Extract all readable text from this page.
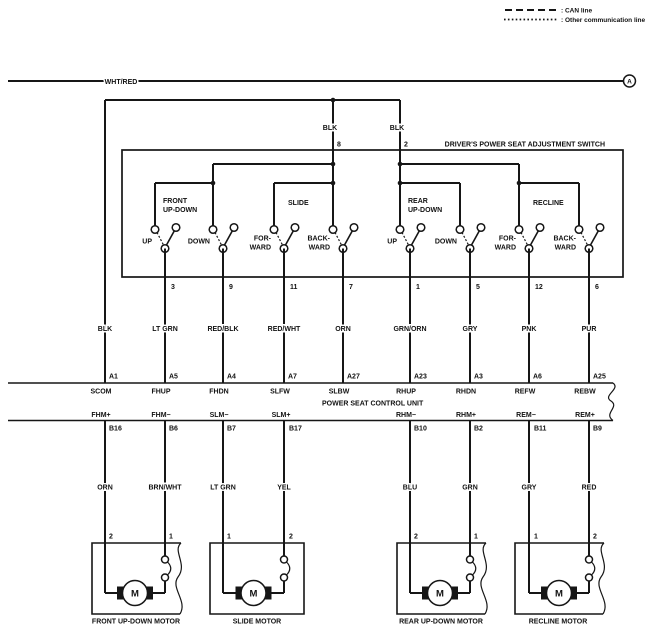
: CAN line
: Other communication line
WHT/RED	A
BLK	BLK
8	2	DRIVER'S POWER SEAT ADJUSTMENT SWITCH
FRONT
UP-DOWN
SLIDE	REAR
UP-DOWN
RECLINE
UP	DOWN	FOR-
WARD
BACK-
WARD
UP	DOWN	FOR-
WARD
BACK-
WARD
3	9	11	7	1	5	12	6
BLK	LT GRN	RED/BLK	RED/WHT	ORN	GRN/ORN	GRY	PNK	PUR
A1	A5	A4	A7	A27	A23	A3	A6	A25
SCOM	FHUP	FHDN	SLFW	SLBW	RHUP	RHDN	REFW	REBW
POWER SEAT CONTROL UNIT
FHM+	FHM−	SLM−	SLM+	RHM−	RHM+	REM−	REM+
B16	B6	B7	B17	B10	B2	B11	B9
ORN	BRN/WHT	LT GRN	YEL	BLU	GRN	GRY	RED
2	1	1	2	2	1	1	2
M
FRONT UP-DOWN MOTOR
M
SLIDE MOTOR
M
REAR UP-DOWN MOTOR
M
RECLINE MOTOR
